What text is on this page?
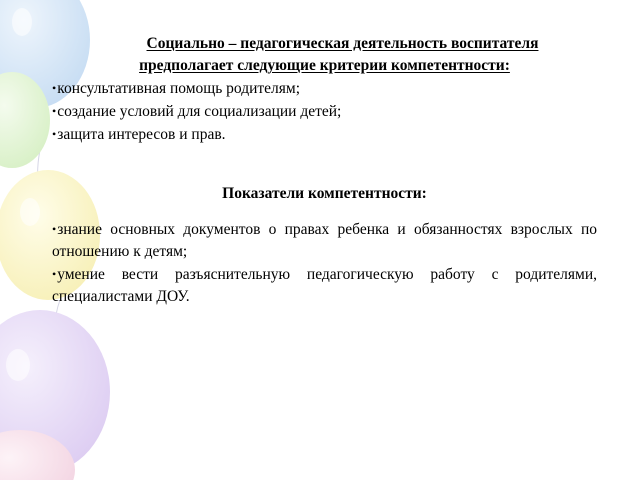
Социально – педагогическая деятельность воспитателя
предполагает следующие критерии компетентности:

•консультативная помощь родителям;
•создание условий для социализации детей;
•защита интересов и прав.

Показатели компетентности:

•знание основных документов о правах ребенка и обязанностях взрослых по отношению к детям;
•умение вести разъяснительную педагогическую работу с родителями, специалистами ДОУ.
